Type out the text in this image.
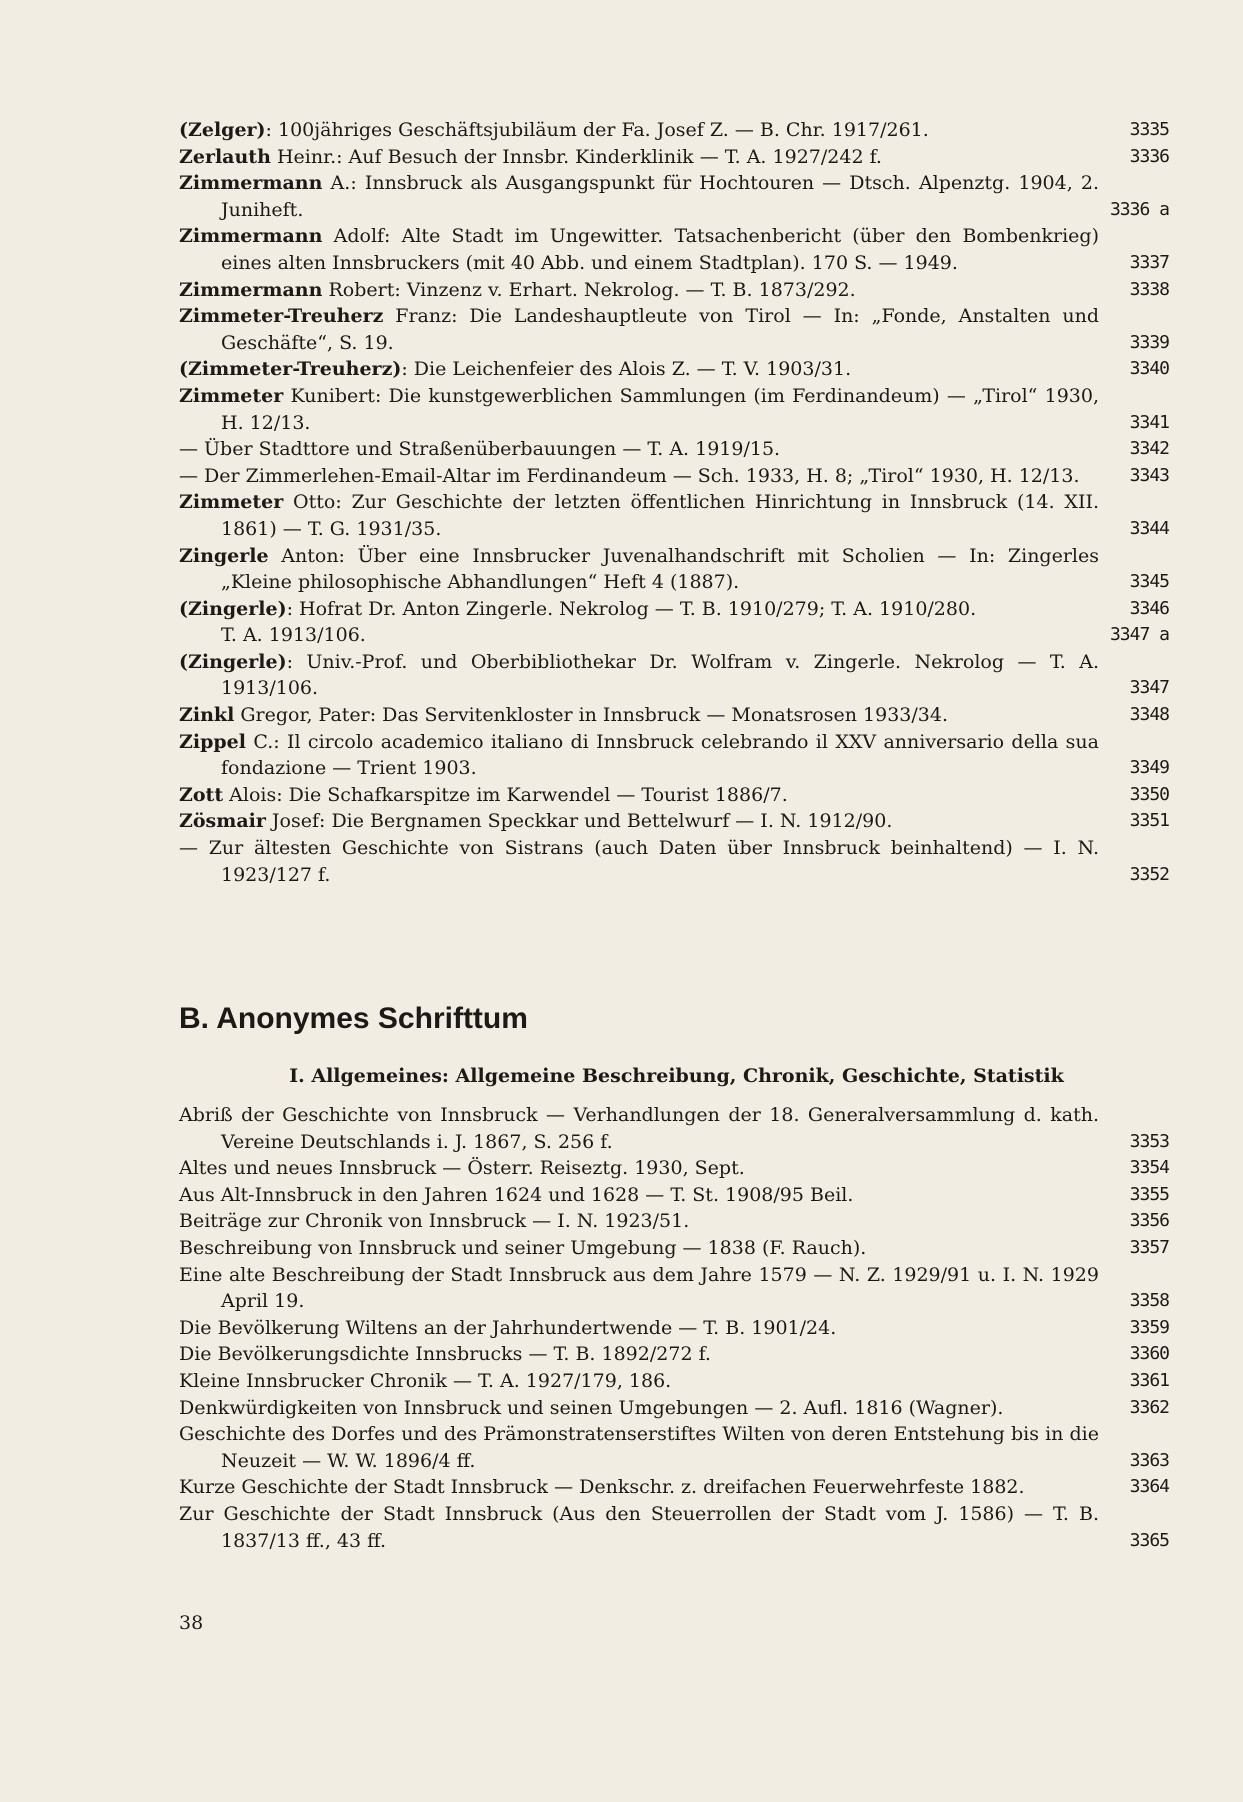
(Zelger): 100jähriges Geschäftsjubiläum der Fa. Josef Z. — B. Chr. 1917/261.	3335
Zerlauth Heinr.: Auf Besuch der Innsbr. Kinderklinik — T. A. 1927/242 f.	3336
Zimmermann A.: Innsbruck als Ausgangspunkt für Hochtouren — Dtsch. Alpenztg. 1904, 2. Juniheft.	3336 a
Zimmermann Adolf: Alte Stadt im Ungewitter. Tatsachenbericht (über den Bombenkrieg) eines alten Innsbruckers (mit 40 Abb. und einem Stadtplan). 170 S. — 1949.	3337
Zimmermann Robert: Vinzenz v. Erhart. Nekrolog. — T. B. 1873/292.	3338
Zimmeter-Treuherz Franz: Die Landeshauptleute von Tirol — In: „Fonde, Anstalten und Geschäfte“, S. 19.	3339
(Zimmeter-Treuherz): Die Leichenfeier des Alois Z. — T. V. 1903/31.	3340
Zimmeter Kunibert: Die kunstgewerblichen Sammlungen (im Ferdinandeum) — „Tirol“ 1930, H. 12/13.	3341
— Über Stadttore und Straßenüberbauungen — T. A. 1919/15.	3342
— Der Zimmerlehen-Email-Altar im Ferdinandeum — Sch. 1933, H. 8; „Tirol“ 1930, H. 12/13.	3343
Zimmeter Otto: Zur Geschichte der letzten öffentlichen Hinrichtung in Innsbruck (14. XII. 1861) — T. G. 1931/35.	3344
Zingerle Anton: Über eine Innsbrucker Juvenalhandschrift mit Scholien — In: Zingerles „Kleine philosophische Abhandlungen“ Heft 4 (1887).	3345
(Zingerle): Hofrat Dr. Anton Zingerle. Nekrolog — T. B. 1910/279; T. A. 1910/280.	3346
T. A. 1913/106.	3347 a
(Zingerle): Univ.-Prof. und Oberbibliothekar Dr. Wolfram v. Zingerle. Nekrolog — T. A. 1913/106.	3347
Zinkl Gregor, Pater: Das Servitenkloster in Innsbruck — Monatsrosen 1933/34.	3348
Zippel C.: Il circolo academico italiano di Innsbruck celebrando il XXV anniversario della sua fondazione — Trient 1903.	3349
Zott Alois: Die Schafkarspitze im Karwendel — Tourist 1886/7.	3350
Zösmair Josef: Die Bergnamen Speckkar und Bettelwurf — I. N. 1912/90.	3351
— Zur ältesten Geschichte von Sistrans (auch Daten über Innsbruck beinhaltend) — I. N. 1923/127 f.	3352
B. Anonymes Schrifttum
I. Allgemeines: Allgemeine Beschreibung, Chronik, Geschichte, Statistik
Abriß der Geschichte von Innsbruck — Verhandlungen der 18. Generalversammlung d. kath. Vereine Deutschlands i. J. 1867, S. 256 f.	3353
Altes und neues Innsbruck — Österr. Reiseztg. 1930, Sept.	3354
Aus Alt-Innsbruck in den Jahren 1624 und 1628 — T. St. 1908/95 Beil.	3355
Beiträge zur Chronik von Innsbruck — I. N. 1923/51.	3356
Beschreibung von Innsbruck und seiner Umgebung — 1838 (F. Rauch).	3357
Eine alte Beschreibung der Stadt Innsbruck aus dem Jahre 1579 — N. Z. 1929/91 u. I. N. 1929 April 19.	3358
Die Bevölkerung Wiltens an der Jahrhundertwende — T. B. 1901/24.	3359
Die Bevölkerungsdichte Innsbrucks — T. B. 1892/272 f.	3360
Kleine Innsbrucker Chronik — T. A. 1927/179, 186.	3361
Denkwürdigkeiten von Innsbruck und seinen Umgebungen — 2. Aufl. 1816 (Wagner).	3362
Geschichte des Dorfes und des Prämonstratenserstiftes Wilten von deren Entstehung bis in die Neuzeit — W. W. 1896/4 ff.	3363
Kurze Geschichte der Stadt Innsbruck — Denkschr. z. dreifachen Feuerwehrfeste 1882.	3364
Zur Geschichte der Stadt Innsbruck (Aus den Steuerrollen der Stadt vom J. 1586) — T. B. 1837/13 ff., 43 ff.	3365
38
